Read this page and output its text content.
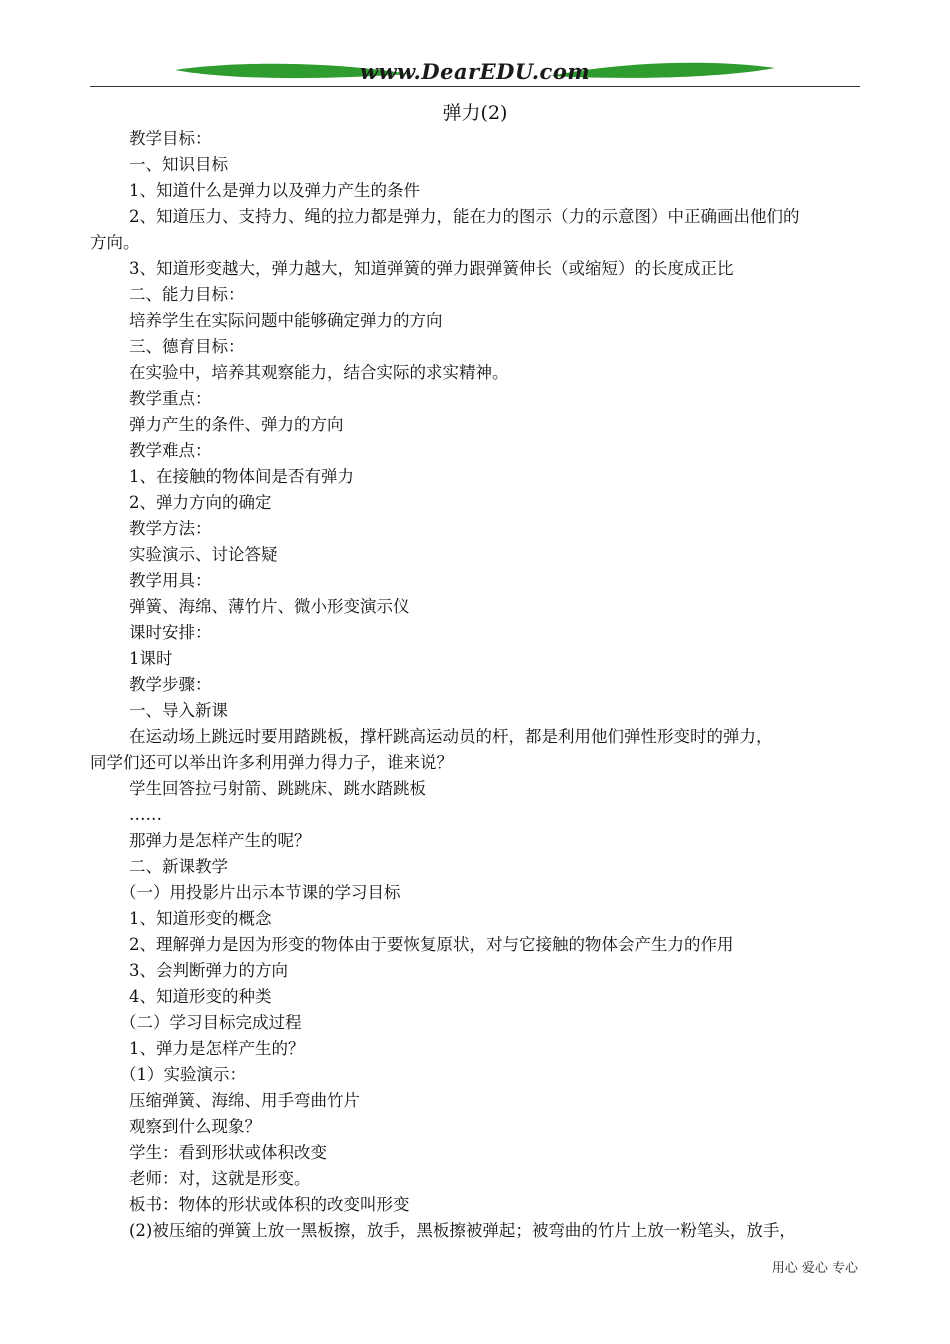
www.DearEDU.com
弹力(2)
教学目标：
一、知识目标
1、知道什么是弹力以及弹力产生的条件
2、知道压力、支持力、绳的拉力都是弹力，能在力的图示（力的示意图）中正确画出他们的
方向。
3、知道形变越大，弹力越大，知道弹簧的弹力跟弹簧伸长（或缩短）的长度成正比
二、能力目标：
培养学生在实际问题中能够确定弹力的方向
三、德育目标：
在实验中，培养其观察能力，结合实际的求实精神。
教学重点：
弹力产生的条件、弹力的方向
教学难点：
1、在接触的物体间是否有弹力
2、弹力方向的确定
教学方法：
实验演示、讨论答疑
教学用具：
弹簧、海绵、薄竹片、微小形变演示仪
课时安排：
1课时
教学步骤：
一、导入新课
在运动场上跳远时要用踏跳板，撑杆跳高运动员的杆，都是利用他们弹性形变时的弹力，
同学们还可以举出许多利用弹力得力子，谁来说？
学生回答拉弓射箭、跳跳床、跳水踏跳板
……
那弹力是怎样产生的呢？
二、新课教学
（一）用投影片出示本节课的学习目标
1、知道形变的概念
2、理解弹力是因为形变的物体由于要恢复原状，对与它接触的物体会产生力的作用
3、会判断弹力的方向
4、知道形变的种类
（二）学习目标完成过程
1、弹力是怎样产生的？
（1）实验演示：
压缩弹簧、海绵、用手弯曲竹片
观察到什么现象？
学生：看到形状或体积改变
老师：对，这就是形变。
板书：物体的形状或体积的改变叫形变
(2)被压缩的弹簧上放一黑板擦，放手，黑板擦被弹起；被弯曲的竹片上放一粉笔头，放手，
用心 爱心 专心
